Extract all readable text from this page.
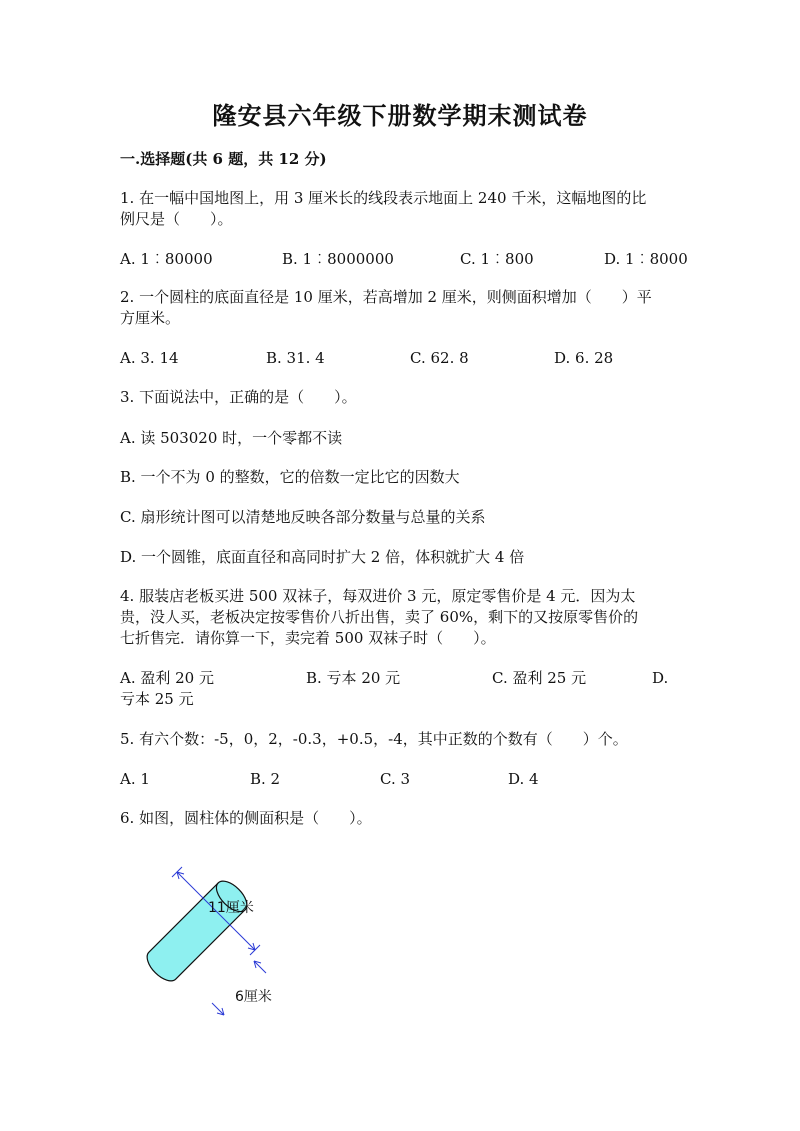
隆安县六年级下册数学期末测试卷

一.选择题(共 6 题，共 12 分)

1. 在一幅中国地图上，用 3 厘米长的线段表示地面上 240 千米，这幅地图的比
例尺是（　　）。

A. 1︰80000	B. 1︰8000000	C. 1︰800	D. 1︰8000

2. 一个圆柱的底面直径是 10 厘米，若高增加 2 厘米，则侧面积增加（　　）平
方厘米。

A. 3. 14	B. 31. 4	C. 62. 8	D. 6. 28

3. 下面说法中，正确的是（　　）。

A. 读 503020 时，一个零都不读

B. 一个不为 0 的整数，它的倍数一定比它的因数大

C. 扇形统计图可以清楚地反映各部分数量与总量的关系

D. 一个圆锥，底面直径和高同时扩大 2 倍，体积就扩大 4 倍

4. 服装店老板买进 500 双袜子，每双进价 3 元，原定零售价是 4 元．因为太
贵，没人买，老板决定按零售价八折出售，卖了 60%，剩下的又按原零售价的
七折售完．请你算一下，卖完着 500 双袜子时（　　）。

A. 盈利 20 元	B. 亏本 20 元	C. 盈利 25 元	D.

亏本 25 元

5. 有六个数：-5，0，2，-0.3，+0.5，-4，其中正数的个数有（　　）个。

A. 1	B. 2	C. 3	D. 4

6. 如图，圆柱体的侧面积是（　　）。

11厘米
6厘米
